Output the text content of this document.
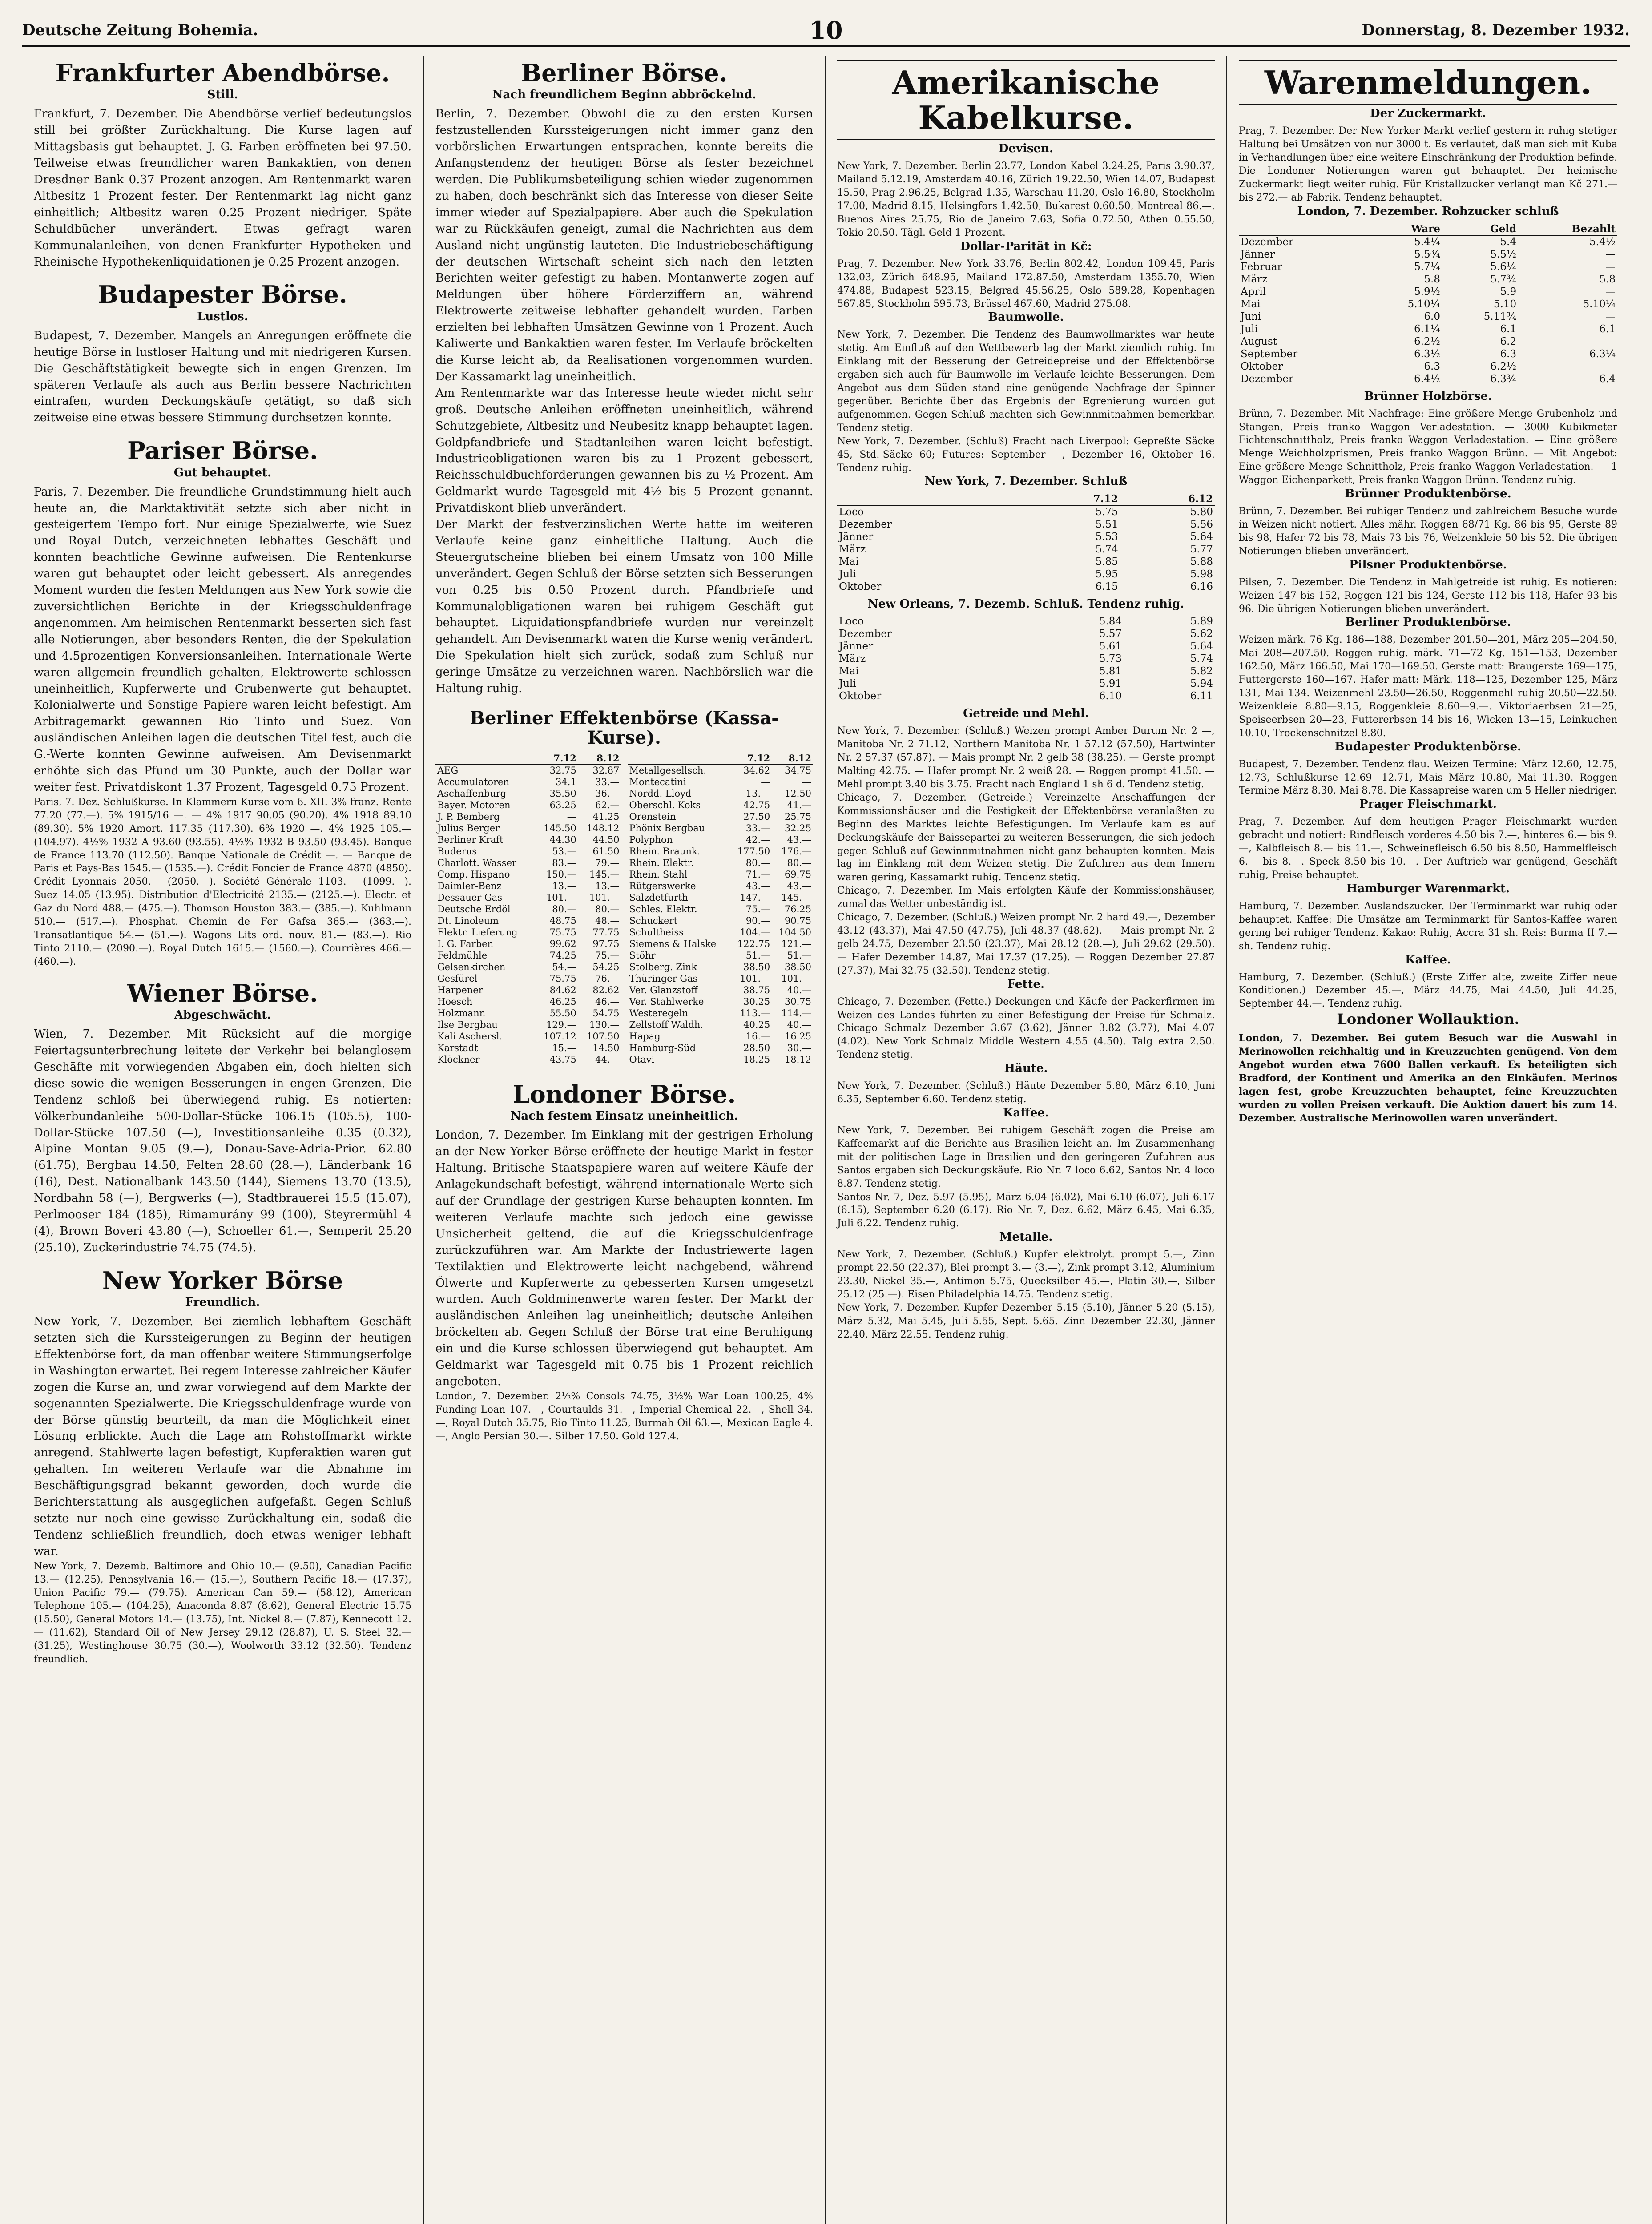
Deutsche Zeitung Bohemia.	10	Donnerstag, 8. Dezember 1932.
Frankfurter Abendbörse.
Still.

Frankfurt, 7. Dezember. Die Abendbörse verlief bedeutungslos still bei größter Zurückhaltung. Die Kurse lagen auf Mittagsbasis gut behauptet. J. G. Farben eröffneten bei 97.50. Teilweise etwas freundlicher waren Bankaktien, von denen Dresdner Bank 0.37 Prozent anzogen. Am Rentenmarkt waren Altbesitz 1 Prozent fester. Der Rentenmarkt lag nicht ganz einheitlich; Altbesitz waren 0.25 Prozent niedriger. Späte Schuldbücher unverändert. Etwas gefragt waren Kommunalanleihen, von denen Frankfurter Hypotheken und Rheinische Hypothekenliquidationen je 0.25 Prozent anzogen.

Budapester Börse.
Lustlos.

Budapest, 7. Dezember. Mangels an Anregungen eröffnete die heutige Börse in lustloser Haltung und mit niedrigeren Kursen. Die Geschäftstätigkeit bewegte sich in engen Grenzen. Im späteren Verlaufe als auch aus Berlin bessere Nachrichten eintrafen, wurden Deckungskäufe getätigt, so daß sich zeitweise eine etwas bessere Stimmung durchsetzen konnte.

Pariser Börse.
Gut behauptet.

Paris, 7. Dezember. Die freundliche Grundstimmung hielt auch heute an, die Marktaktivität setzte sich aber nicht in gesteigertem Tempo fort. Nur einige Spezialwerte, wie Suez und Royal Dutch, verzeichneten lebhaftes Geschäft und konnten beachtliche Gewinne aufweisen. Die Rentenkurse waren gut behauptet oder leicht gebessert. Als anregendes Moment wurden die festen Meldungen aus New York sowie die zuversichtlichen Berichte in der Kriegsschuldenfrage angenommen. Am heimischen Rentenmarkt besserten sich fast alle Notierungen, aber besonders Renten, die der Spekulation und 4.5prozentigen Konversionsanleihen. Internationale Werte waren allgemein freundlich gehalten, Elektrowerte schlossen uneinheitlich, Kupferwerte und Grubenwerte gut behauptet. Kolonialwerte und Sonstige Papiere waren leicht befestigt. Am Arbitragemarkt gewannen Rio Tinto und Suez. Von ausländischen Anleihen lagen die deutschen Titel fest, auch die G.-Werte konnten Gewinne aufweisen. Am Devisenmarkt erhöhte sich das Pfund um 30 Punkte, auch der Dollar war weiter fest. Privatdiskont 1.37 Prozent, Tagesgeld 0.75 Prozent.

Paris, 7. Dez. Schlußkurse. In Klammern Kurse vom 6. XII. 3% franz. Rente 77.20 (77.—). 5% 1915/16 —. — 4% 1917 90.05 (90.20). 4% 1918 89.10 (89.30). 5% 1920 Amort. 117.35 (117.30). 6% 1920 —. 4% 1925 105.— (104.97). 4½% 1932 A 93.60 (93.55). 4½% 1932 B 93.50 (93.45). Banque de France 113.70 (112.50). Banque Nationale de Crédit —. — Banque de Paris et Pays-Bas 1545.— (1535.—). Crédit Foncier de France 4870 (4850). Crédit Lyonnais 2050.— (2050.—). Société Générale 1103.— (1099.—). Suez 14.05 (13.95). Distribution d'Electricité 2135.— (2125.—). Electr. et Gaz du Nord 488.— (475.—). Thomson Houston 383.— (385.—). Kuhlmann 510.— (517.—). Phosphat. Chemin de Fer Gafsa 365.— (363.—). Transatlantique 54.— (51.—). Wagons Lits ord. nouv. 81.— (83.—). Rio Tinto 2110.— (2090.—). Royal Dutch 1615.— (1560.—). Courrières 466.— (460.—).

Wiener Börse.
Abgeschwächt.

Wien, 7. Dezember. Mit Rücksicht auf die morgige Feiertagsunterbrechung leitete der Verkehr bei belanglosem Geschäfte mit vorwiegenden Abgaben ein, doch hielten sich diese sowie die wenigen Besserungen in engen Grenzen. Die Tendenz schloß bei überwiegend ruhig. Es notierten: Völkerbundanleihe 500-Dollar-Stücke 106.15 (105.5), 100-Dollar-Stücke 107.50 (—), Investitionsanleihe 0.35 (0.32), Alpine Montan 9.05 (9.—), Donau-Save-Adria-Prior. 62.80 (61.75), Bergbau 14.50, Felten 28.60 (28.—), Länderbank 16 (16), Dest. Nationalbank 143.50 (144), Siemens 13.70 (13.5), Nordbahn 58 (—), Bergwerks (—), Stadtbrauerei 15.5 (15.07), Perlmooser 184 (185), Rimamurány 99 (100), Steyrermühl 4 (4), Brown Boveri 43.80 (—), Schoeller 61.—, Semperit 25.20 (25.10), Zuckerindustrie 74.75 (74.5).

New Yorker Börse
Freundlich.

New York, 7. Dezember. Bei ziemlich lebhaftem Geschäft setzten sich die Kurssteigerungen zu Beginn der heutigen Effektenbörse fort, da man offenbar weitere Stimmungserfolge in Washington erwartet. Bei regem Interesse zahlreicher Käufer zogen die Kurse an, und zwar vorwiegend auf dem Markte der sogenannten Spezialwerte. Die Kriegsschuldenfrage wurde von der Börse günstig beurteilt, da man die Möglichkeit einer Lösung erblickte. Auch die Lage am Rohstoffmarkt wirkte anregend. Stahlwerte lagen befestigt, Kupferaktien waren gut gehalten. Im weiteren Verlaufe war die Abnahme im Beschäftigungsgrad bekannt geworden, doch wurde die Berichterstattung als ausgeglichen aufgefaßt. Gegen Schluß setzte nur noch eine gewisse Zurückhaltung ein, sodaß die Tendenz schließlich freundlich, doch etwas weniger lebhaft war.

New York, 7. Dezemb. Baltimore and Ohio 10.— (9.50), Canadian Pacific 13.— (12.25), Pennsylvania 16.— (15.—), Southern Pacific 18.— (17.37), Union Pacific 79.— (79.75). American Can 59.— (58.12), American Telephone 105.— (104.25), Anaconda 8.87 (8.62), General Electric 15.75 (15.50), General Motors 14.— (13.75), Int. Nickel 8.— (7.87), Kennecott 12.— (11.62), Standard Oil of New Jersey 29.12 (28.87), U. S. Steel 32.— (31.25), Westinghouse 30.75 (30.—), Woolworth 33.12 (32.50). Tendenz freundlich.

Berliner Börse.
Nach freundlichem Beginn abbröckelnd.

Berlin, 7. Dezember. Obwohl die zu den ersten Kursen festzustellenden Kurssteigerungen nicht immer ganz den vorbörslichen Erwartungen entsprachen, konnte bereits die Anfangstendenz der heutigen Börse als fester bezeichnet werden. Die Publikumsbeteiligung schien wieder zugenommen zu haben, doch beschränkt sich das Interesse von dieser Seite immer wieder auf Spezialpapiere. Aber auch die Spekulation war zu Rückkäufen geneigt, zumal die Nachrichten aus dem Ausland nicht ungünstig lauteten. Die Industriebeschäftigung der deutschen Wirtschaft scheint sich nach den letzten Berichten weiter gefestigt zu haben. Montanwerte zogen auf Meldungen über höhere Förderziffern an, während Elektrowerte zeitweise lebhafter gehandelt wurden. Farben erzielten bei lebhaften Umsätzen Gewinne von 1 Prozent. Auch Kaliwerte und Bankaktien waren fester. Im Verlaufe bröckelten die Kurse leicht ab, da Realisationen vorgenommen wurden. Der Kassamarkt lag uneinheitlich.

Am Rentenmarkte war das Interesse heute wieder nicht sehr groß. Deutsche Anleihen eröffneten uneinheitlich, während Schutzgebiete, Altbesitz und Neubesitz knapp behauptet lagen. Goldpfandbriefe und Stadtanleihen waren leicht befestigt. Industrieobligationen waren bis zu 1 Prozent gebessert, Reichsschuldbuchforderungen gewannen bis zu ½ Prozent. Am Geldmarkt wurde Tagesgeld mit 4½ bis 5 Prozent genannt. Privatdiskont blieb unverändert.

Der Markt der festverzinslichen Werte hatte im weiteren Verlaufe keine ganz einheitliche Haltung. Auch die Steuergutscheine blieben bei einem Umsatz von 100 Mille unverändert. Gegen Schluß der Börse setzten sich Besserungen von 0.25 bis 0.50 Prozent durch. Pfandbriefe und Kommunalobligationen waren bei ruhigem Geschäft gut behauptet. Liquidationspfandbriefe wurden nur vereinzelt gehandelt. Am Devisenmarkt waren die Kurse wenig verändert. Die Spekulation hielt sich zurück, sodaß zum Schluß nur geringe Umsätze zu verzeichnen waren. Nachbörslich war die Haltung ruhig.

Berliner Effektenbörse (Kassa-Kurse).
	7.12	8.12
AEG	32.75	32.87
Accumulatoren	34.1	33.—
Aschaffenburg	35.50	36.—
Bayer. Motoren	63.25	62.—
J. P. Bemberg	—	41.25
Julius Berger	145.50	148.12
Berliner Kraft	44.30	44.50
Buderus	53.—	61.50
Charlott. Wasser	83.—	79.—
Comp. Hispano	150.—	145.—
Daimler-Benz	13.—	13.—
Dessauer Gas	101.—	101.—
Deutsche Erdöl	80.—	80.—
Dt. Linoleum	48.75	48.—
Elektr. Lieferung	75.75	77.75
I. G. Farben	99.62	97.75
Feldmühle	74.25	75.—
Gelsenkirchen	54.—	54.25
Gesfürel	75.75	76.—
Harpener	84.62	82.62
Hoesch	46.25	46.—
Holzmann	55.50	54.75
Ilse Bergbau	129.—	130.—
Kali Aschersl.	107.12	107.50
Karstadt	15.—	14.50
Klöckner	43.75	44.—
	7.12	8.12
Metallgesellsch.	34.62	34.75
Montecatini	—	—
Nordd. Lloyd	13.—	12.50
Oberschl. Koks	42.75	41.—
Orenstein	27.50	25.75
Phönix Bergbau	33.—	32.25
Polyphon	42.—	43.—
Rhein. Braunk.	177.50	176.—
Rhein. Elektr.	80.—	80.—
Rhein. Stahl	71.—	69.75
Rütgerswerke	43.—	43.—
Salzdetfurth	147.—	145.—
Schles. Elektr.	75.—	76.25
Schuckert	90.—	90.75
Schultheiss	104.—	104.50
Siemens & Halske	122.75	121.—
Stöhr	51.—	51.—
Stolberg. Zink	38.50	38.50
Thüringer Gas	101.—	101.—
Ver. Glanzstoff	38.75	40.—
Ver. Stahlwerke	30.25	30.75
Westeregeln	113.—	114.—
Zellstoff Waldh.	40.25	40.—
Hapag	16.—	16.25
Hamburg-Süd	28.50	30.—
Otavi	18.25	18.12
Londoner Börse.
Nach festem Einsatz uneinheitlich.

London, 7. Dezember. Im Einklang mit der gestrigen Erholung an der New Yorker Börse eröffnete der heutige Markt in fester Haltung. Britische Staatspapiere waren auf weitere Käufe der Anlagekundschaft befestigt, während internationale Werte sich auf der Grundlage der gestrigen Kurse behaupten konnten. Im weiteren Verlaufe machte sich jedoch eine gewisse Unsicherheit geltend, die auf die Kriegsschuldenfrage zurückzuführen war. Am Markte der Industriewerte lagen Textilaktien und Elektrowerte leicht nachgebend, während Ölwerte und Kupferwerte zu gebesserten Kursen umgesetzt wurden. Auch Goldminenwerte waren fester. Der Markt der ausländischen Anleihen lag uneinheitlich; deutsche Anleihen bröckelten ab. Gegen Schluß der Börse trat eine Beruhigung ein und die Kurse schlossen überwiegend gut behauptet. Am Geldmarkt war Tagesgeld mit 0.75 bis 1 Prozent reichlich angeboten.

London, 7. Dezember. 2½% Consols 74.75, 3½% War Loan 100.25, 4% Funding Loan 107.—, Courtaulds 31.—, Imperial Chemical 22.—, Shell 34.—, Royal Dutch 35.75, Rio Tinto 11.25, Burmah Oil 63.—, Mexican Eagle 4.—, Anglo Persian 30.—. Silber 17.50. Gold 127.4.

Amerikanische Kabelkurse.
Devisen.

New York, 7. Dezember. Berlin 23.77, London Kabel 3.24.25, Paris 3.90.37, Mailand 5.12.19, Amsterdam 40.16, Zürich 19.22.50, Wien 14.07, Budapest 15.50, Prag 2.96.25, Belgrad 1.35, Warschau 11.20, Oslo 16.80, Stockholm 17.00, Madrid 8.15, Helsingfors 1.42.50, Bukarest 0.60.50, Montreal 86.—, Buenos Aires 25.75, Rio de Janeiro 7.63, Sofia 0.72.50, Athen 0.55.50, Tokio 20.50. Tägl. Geld 1 Prozent.

Dollar-Parität in Kč:

Prag, 7. Dezember. New York 33.76, Berlin 802.42, London 109.45, Paris 132.03, Zürich 648.95, Mailand 172.87.50, Amsterdam 1355.70, Wien 474.88, Budapest 523.15, Belgrad 45.56.25, Oslo 589.28, Kopenhagen 567.85, Stockholm 595.73, Brüssel 467.60, Madrid 275.08.

Baumwolle.

New York, 7. Dezember. Die Tendenz des Baumwollmarktes war heute stetig. Am Einfluß auf den Wettbewerb lag der Markt ziemlich ruhig. Im Einklang mit der Besserung der Getreidepreise und der Effektenbörse ergaben sich auch für Baumwolle im Verlaufe leichte Besserungen. Dem Angebot aus dem Süden stand eine genügende Nachfrage der Spinner gegenüber. Berichte über das Ergebnis der Egrenierung wurden gut aufgenommen. Gegen Schluß machten sich Gewinnmitnahmen bemerkbar. Tendenz stetig.

New York, 7. Dezember. (Schluß) Fracht nach Liverpool: Gepreßte Säcke 45, Std.-Säcke 60; Futures: September —, Dezember 16, Oktober 16. Tendenz ruhig.

New York, 7. Dezember. Schluß
	7.12	6.12
Loco	5.75	5.80
Dezember	5.51	5.56
Jänner	5.53	5.64
März	5.74	5.77
Mai	5.85	5.88
Juli	5.95	5.98
Oktober	6.15	6.16
New Orleans, 7. Dezemb. Schluß. Tendenz ruhig.
Loco	5.84	5.89
Dezember	5.57	5.62
Jänner	5.61	5.64
März	5.73	5.74
Mai	5.81	5.82
Juli	5.91	5.94
Oktober	6.10	6.11
Getreide und Mehl.

New York, 7. Dezember. (Schluß.) Weizen prompt Amber Durum Nr. 2 —, Manitoba Nr. 2 71.12, Northern Manitoba Nr. 1 57.12 (57.50), Hartwinter Nr. 2 57.37 (57.87). — Mais prompt Nr. 2 gelb 38 (38.25). — Gerste prompt Malting 42.75. — Hafer prompt Nr. 2 weiß 28. — Roggen prompt 41.50. — Mehl prompt 3.40 bis 3.75. Fracht nach England 1 sh 6 d. Tendenz stetig.

Chicago, 7. Dezember. (Getreide.) Vereinzelte Anschaffungen der Kommissionshäuser und die Festigkeit der Effektenbörse veranlaßten zu Beginn des Marktes leichte Befestigungen. Im Verlaufe kam es auf Deckungskäufe der Baissepartei zu weiteren Besserungen, die sich jedoch gegen Schluß auf Gewinnmitnahmen nicht ganz behaupten konnten. Mais lag im Einklang mit dem Weizen stetig. Die Zufuhren aus dem Innern waren gering, Kassamarkt ruhig. Tendenz stetig.

Chicago, 7. Dezember. Im Mais erfolgten Käufe der Kommissionshäuser, zumal das Wetter unbeständig ist.

Chicago, 7. Dezember. (Schluß.) Weizen prompt Nr. 2 hard 49.—, Dezember 43.12 (43.37), Mai 47.50 (47.75), Juli 48.37 (48.62). — Mais prompt Nr. 2 gelb 24.75, Dezember 23.50 (23.37), Mai 28.12 (28.—), Juli 29.62 (29.50). — Hafer Dezember 14.87, Mai 17.37 (17.25). — Roggen Dezember 27.87 (27.37), Mai 32.75 (32.50). Tendenz stetig.

Fette.

Chicago, 7. Dezember. (Fette.) Deckungen und Käufe der Packerfirmen im Weizen des Landes führten zu einer Befestigung der Preise für Schmalz. Chicago Schmalz Dezember 3.67 (3.62), Jänner 3.82 (3.77), Mai 4.07 (4.02). New York Schmalz Middle Western 4.55 (4.50). Talg extra 2.50. Tendenz stetig.

Häute.

New York, 7. Dezember. (Schluß.) Häute Dezember 5.80, März 6.10, Juni 6.35, September 6.60. Tendenz stetig.

Kaffee.

New York, 7. Dezember. Bei ruhigem Geschäft zogen die Preise am Kaffeemarkt auf die Berichte aus Brasilien leicht an. Im Zusammenhang mit der politischen Lage in Brasilien und den geringeren Zufuhren aus Santos ergaben sich Deckungskäufe. Rio Nr. 7 loco 6.62, Santos Nr. 4 loco 8.87. Tendenz stetig.

Santos Nr. 7, Dez. 5.97 (5.95), März 6.04 (6.02), Mai 6.10 (6.07), Juli 6.17 (6.15), September 6.20 (6.17). Rio Nr. 7, Dez. 6.62, März 6.45, Mai 6.35, Juli 6.22. Tendenz ruhig.

Metalle.

New York, 7. Dezember. (Schluß.) Kupfer elektrolyt. prompt 5.—, Zinn prompt 22.50 (22.37), Blei prompt 3.— (3.—), Zink prompt 3.12, Aluminium 23.30, Nickel 35.—, Antimon 5.75, Quecksilber 45.—, Platin 30.—, Silber 25.12 (25.—). Eisen Philadelphia 14.75. Tendenz stetig.

New York, 7. Dezember. Kupfer Dezember 5.15 (5.10), Jänner 5.20 (5.15), März 5.32, Mai 5.45, Juli 5.55, Sept. 5.65. Zinn Dezember 22.30, Jänner 22.40, März 22.55. Tendenz ruhig.

Warenmeldungen.
Der Zuckermarkt.

Prag, 7. Dezember. Der New Yorker Markt verlief gestern in ruhig stetiger Haltung bei Umsätzen von nur 3000 t. Es verlautet, daß man sich mit Kuba in Verhandlungen über eine weitere Einschränkung der Produktion befinde. Die Londoner Notierungen waren gut behauptet. Der heimische Zuckermarkt liegt weiter ruhig. Für Kristallzucker verlangt man Kč 271.— bis 272.— ab Fabrik. Tendenz behauptet.

London, 7. Dezember. Rohzucker schluß
	Ware	Geld	Bezahlt
Dezember	5.4¼	5.4	5.4½
Jänner	5.5¾	5.5½	—
Februar	5.7¼	5.6¼	—
März	5.8	5.7¾	5.8
April	5.9½	5.9	—
Mai	5.10¼	5.10	5.10¼
Juni	6.0	5.11¾	—
Juli	6.1¼	6.1	6.1
August	6.2½	6.2	—
September	6.3½	6.3	6.3¼
Oktober	6.3	6.2½	—
Dezember	6.4½	6.3¾	6.4
Brünner Holzbörse.

Brünn, 7. Dezember. Mit Nachfrage: Eine größere Menge Grubenholz und Stangen, Preis franko Waggon Verladestation. — 3000 Kubikmeter Fichtenschnittholz, Preis franko Waggon Verladestation. — Eine größere Menge Weichholzprismen, Preis franko Waggon Brünn. — Mit Angebot: Eine größere Menge Schnittholz, Preis franko Waggon Verladestation. — 1 Waggon Eichenparkett, Preis franko Waggon Brünn. Tendenz ruhig.

Brünner Produktenbörse.

Brünn, 7. Dezember. Bei ruhiger Tendenz und zahlreichem Besuche wurde in Weizen nicht notiert. Alles mähr. Roggen 68/71 Kg. 86 bis 95, Gerste 89 bis 98, Hafer 72 bis 78, Mais 73 bis 76, Weizenkleie 50 bis 52. Die übrigen Notierungen blieben unverändert.

Pilsner Produktenbörse.

Pilsen, 7. Dezember. Die Tendenz in Mahlgetreide ist ruhig. Es notieren: Weizen 147 bis 152, Roggen 121 bis 124, Gerste 112 bis 118, Hafer 93 bis 96. Die übrigen Notierungen blieben unverändert.

Berliner Produktenbörse.

Weizen märk. 76 Kg. 186—188, Dezember 201.50—201, März 205—204.50, Mai 208—207.50. Roggen ruhig. märk. 71—72 Kg. 151—153, Dezember 162.50, März 166.50, Mai 170—169.50. Gerste matt: Braugerste 169—175, Futtergerste 160—167. Hafer matt: Märk. 118—125, Dezember 125, März 131, Mai 134. Weizenmehl 23.50—26.50, Roggenmehl ruhig 20.50—22.50. Weizenkleie 8.80—9.15, Roggenkleie 8.60—9.—. Viktoriaerbsen 21—25, Speiseerbsen 20—23, Futtererbsen 14 bis 16, Wicken 13—15, Leinkuchen 10.10, Trockenschnitzel 8.80.

Budapester Produktenbörse.

Budapest, 7. Dezember. Tendenz flau. Weizen Termine: März 12.60, 12.75, 12.73, Schlußkurse 12.69—12.71, Mais März 10.80, Mai 11.30. Roggen Termine März 8.30, Mai 8.78. Die Kassapreise waren um 5 Heller niedriger.

Prager Fleischmarkt.

Prag, 7. Dezember. Auf dem heutigen Prager Fleischmarkt wurden gebracht und notiert: Rindfleisch vorderes 4.50 bis 7.—, hinteres 6.— bis 9.—, Kalbfleisch 8.— bis 11.—, Schweinefleisch 6.50 bis 8.50, Hammelfleisch 6.— bis 8.—. Speck 8.50 bis 10.—. Der Auftrieb war genügend, Geschäft ruhig, Preise behauptet.

Hamburger Warenmarkt.

Hamburg, 7. Dezember. Auslandszucker. Der Terminmarkt war ruhig oder behauptet. Kaffee: Die Umsätze am Terminmarkt für Santos-Kaffee waren gering bei ruhiger Tendenz. Kakao: Ruhig, Accra 31 sh. Reis: Burma II 7.— sh. Tendenz ruhig.

Kaffee.

Hamburg, 7. Dezember. (Schluß.) (Erste Ziffer alte, zweite Ziffer neue Konditionen.) Dezember 45.—, März 44.75, Mai 44.50, Juli 44.25, September 44.—. Tendenz ruhig.

Londoner Wollauktion.

London, 7. Dezember. Bei gutem Besuch war die Auswahl in Merinowollen reichhaltig und in Kreuzzuchten genügend. Von dem Angebot wurden etwa 7600 Ballen verkauft. Es beteiligten sich Bradford, der Kontinent und Amerika an den Einkäufen. Merinos lagen fest, grobe Kreuzzuchten behauptet, feine Kreuzzuchten wurden zu vollen Preisen verkauft. Die Auktion dauert bis zum 14. Dezember. Australische Merinowollen waren unverändert.
